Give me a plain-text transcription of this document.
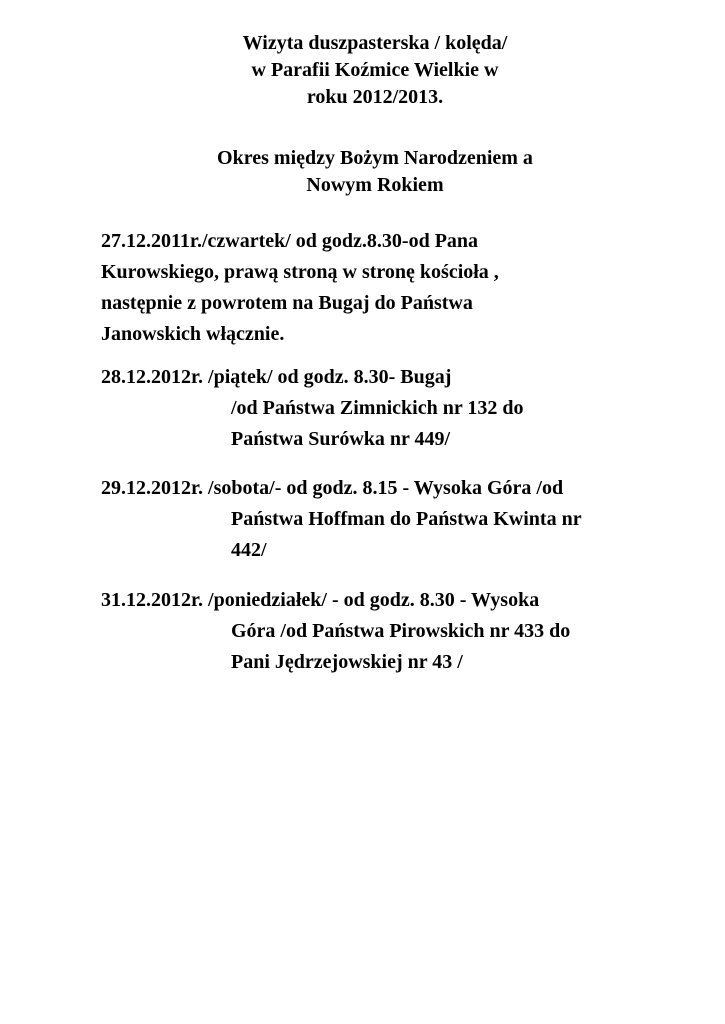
Wizyta duszpasterska / kolęda/
w Parafii Koźmice Wielkie w
roku 2012/2013.
Okres między Bożym Narodzeniem a
Nowym Rokiem
27.12.2011r./czwartek/ od godz.8.30-od Pana
Kurowskiego, prawą stroną w stronę kościoła ,
następnie z powrotem na Bugaj do Państwa
Janowskich włącznie.
28.12.2012r. /piątek/ od godz. 8.30- Bugaj
/od Państwa Zimnickich nr 132 do
Państwa Surówka nr 449/
29.12.2012r. /sobota/- od godz. 8.15 - Wysoka Góra /od
Państwa Hoffman do Państwa Kwinta nr
442/
31.12.2012r. /poniedziałek/ - od godz. 8.30 - Wysoka
Góra /od Państwa Pirowskich nr 433 do
Pani Jędrzejowskiej nr 43 /
